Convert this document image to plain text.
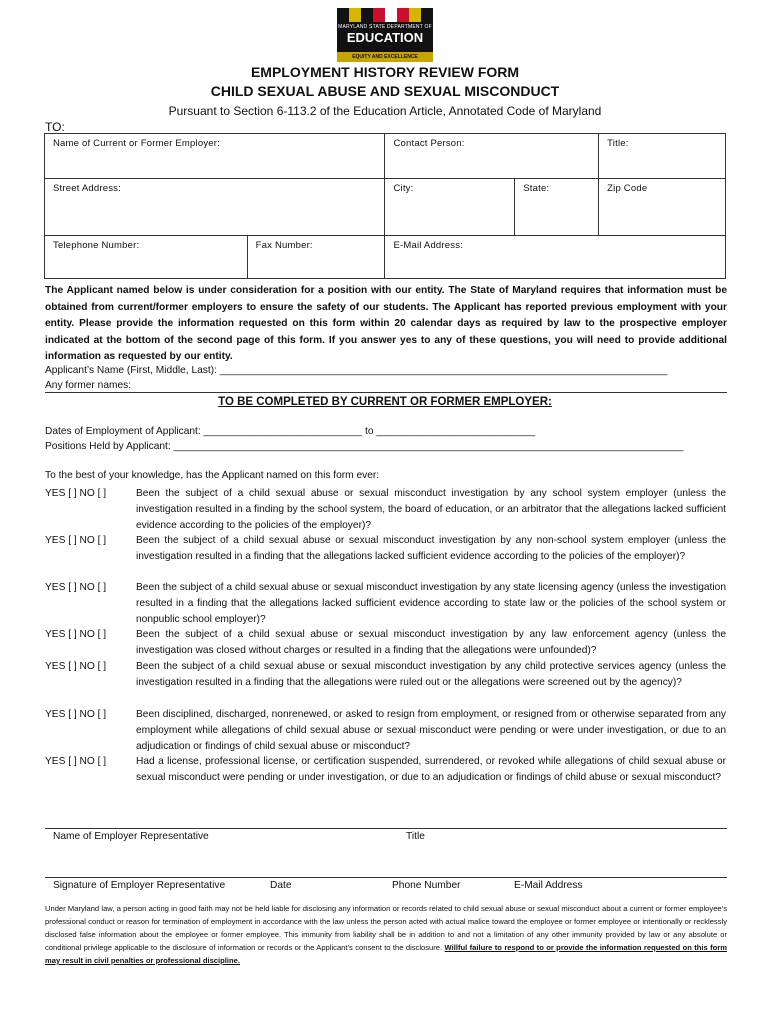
MARYLAND STATE DEPARTMENT OF
EDUCATION
EQUITY AND EXCELLENCE
EMPLOYMENT HISTORY REVIEW FORM
CHILD SEXUAL ABUSE AND SEXUAL MISCONDUCT
Pursuant to Section 6-113.2 of the Education Article, Annotated Code of Maryland
TO:
Name of Current or Former Employer:		Contact Person:		Title:
Street Address:		City:	State:	Zip Code
Telephone Number:	Fax Number:	E-Mail Address:		
The Applicant named below is under consideration for a position with our entity. The State of Maryland requires that information must be obtained from current/former employers to ensure the safety of our students. The Applicant has reported previous employment with your entity. Please provide the information requested on this form within 20 calendar days as required by law to the prospective employer indicated at the bottom of the second page of this form. If you answer yes to any of these questions, you will need to provide additional information as requested by our entity.
Applicant’s Name (First, Middle, Last): _______________________________________________________________________________
Any former names:
TO BE COMPLETED BY CURRENT OR FORMER EMPLOYER:
Dates of Employment of Applicant: ____________________________ to ____________________________
Positions Held by Applicant: __________________________________________________________________________________________
To the best of your knowledge, has the Applicant named on this form ever:
YES [ ] NO [ ]	Been the subject of a child sexual abuse or sexual misconduct investigation by any school system employer (unless the investigation resulted in a finding by the school system, the board of education, or an arbitrator that the allegations lacked sufficient evidence according to the policies of the employer)?
YES [ ] NO [ ]	Been the subject of a child sexual abuse or sexual misconduct investigation by any non-school system employer (unless the investigation resulted in a finding that the allegations lacked sufficient evidence according to the policies of the employer)?
YES [ ] NO [ ]	Been the subject of a child sexual abuse or sexual misconduct investigation by any state licensing agency (unless the investigation resulted in a finding that the allegations lacked sufficient evidence according to state law or the policies of the school system or nonpublic school employer)?
YES [ ] NO [ ]	Been the subject of a child sexual abuse or sexual misconduct investigation by any law enforcement agency (unless the investigation was closed without charges or resulted in a finding that the allegations were unfounded)?
YES [ ] NO [ ]	Been the subject of a child sexual abuse or sexual misconduct investigation by any child protective services agency (unless the investigation resulted in a finding that the allegations were ruled out or the allegations were screened out by the agency)?
YES [ ] NO [ ]	Been disciplined, discharged, nonrenewed, or asked to resign from employment, or resigned from or otherwise separated from any employment while allegations of child sexual abuse or sexual misconduct were pending or were under investigation, or due to an adjudication or findings of child sexual abuse or misconduct?
YES [ ] NO [ ]	Had a license, professional license, or certification suspended, surrendered, or revoked while allegations of child sexual abuse or sexual misconduct were pending or under investigation, or due to an adjudication or findings of child abuse or sexual misconduct?
Name of Employer Representative	Title
Signature of Employer Representative	Date	Phone Number	E-Mail Address
Under Maryland law, a person acting in good faith may not be held liable for disclosing any information or records related to child sexual abuse or sexual misconduct about a current or former employee’s professional conduct or reason for termination of employment in accordance with the law unless the person acted with actual malice toward the employee or former employee or intentionally or recklessly disclosed false information about the employee or former employee. This immunity from liability shall be in addition to and not a limitation of any other immunity provided by law or any absolute or conditional privilege applicable to the disclosure of information or records or the Applicant’s consent to the disclosure. Willful failure to respond to or provide the information requested on this form may result in civil penalties or professional discipline.
